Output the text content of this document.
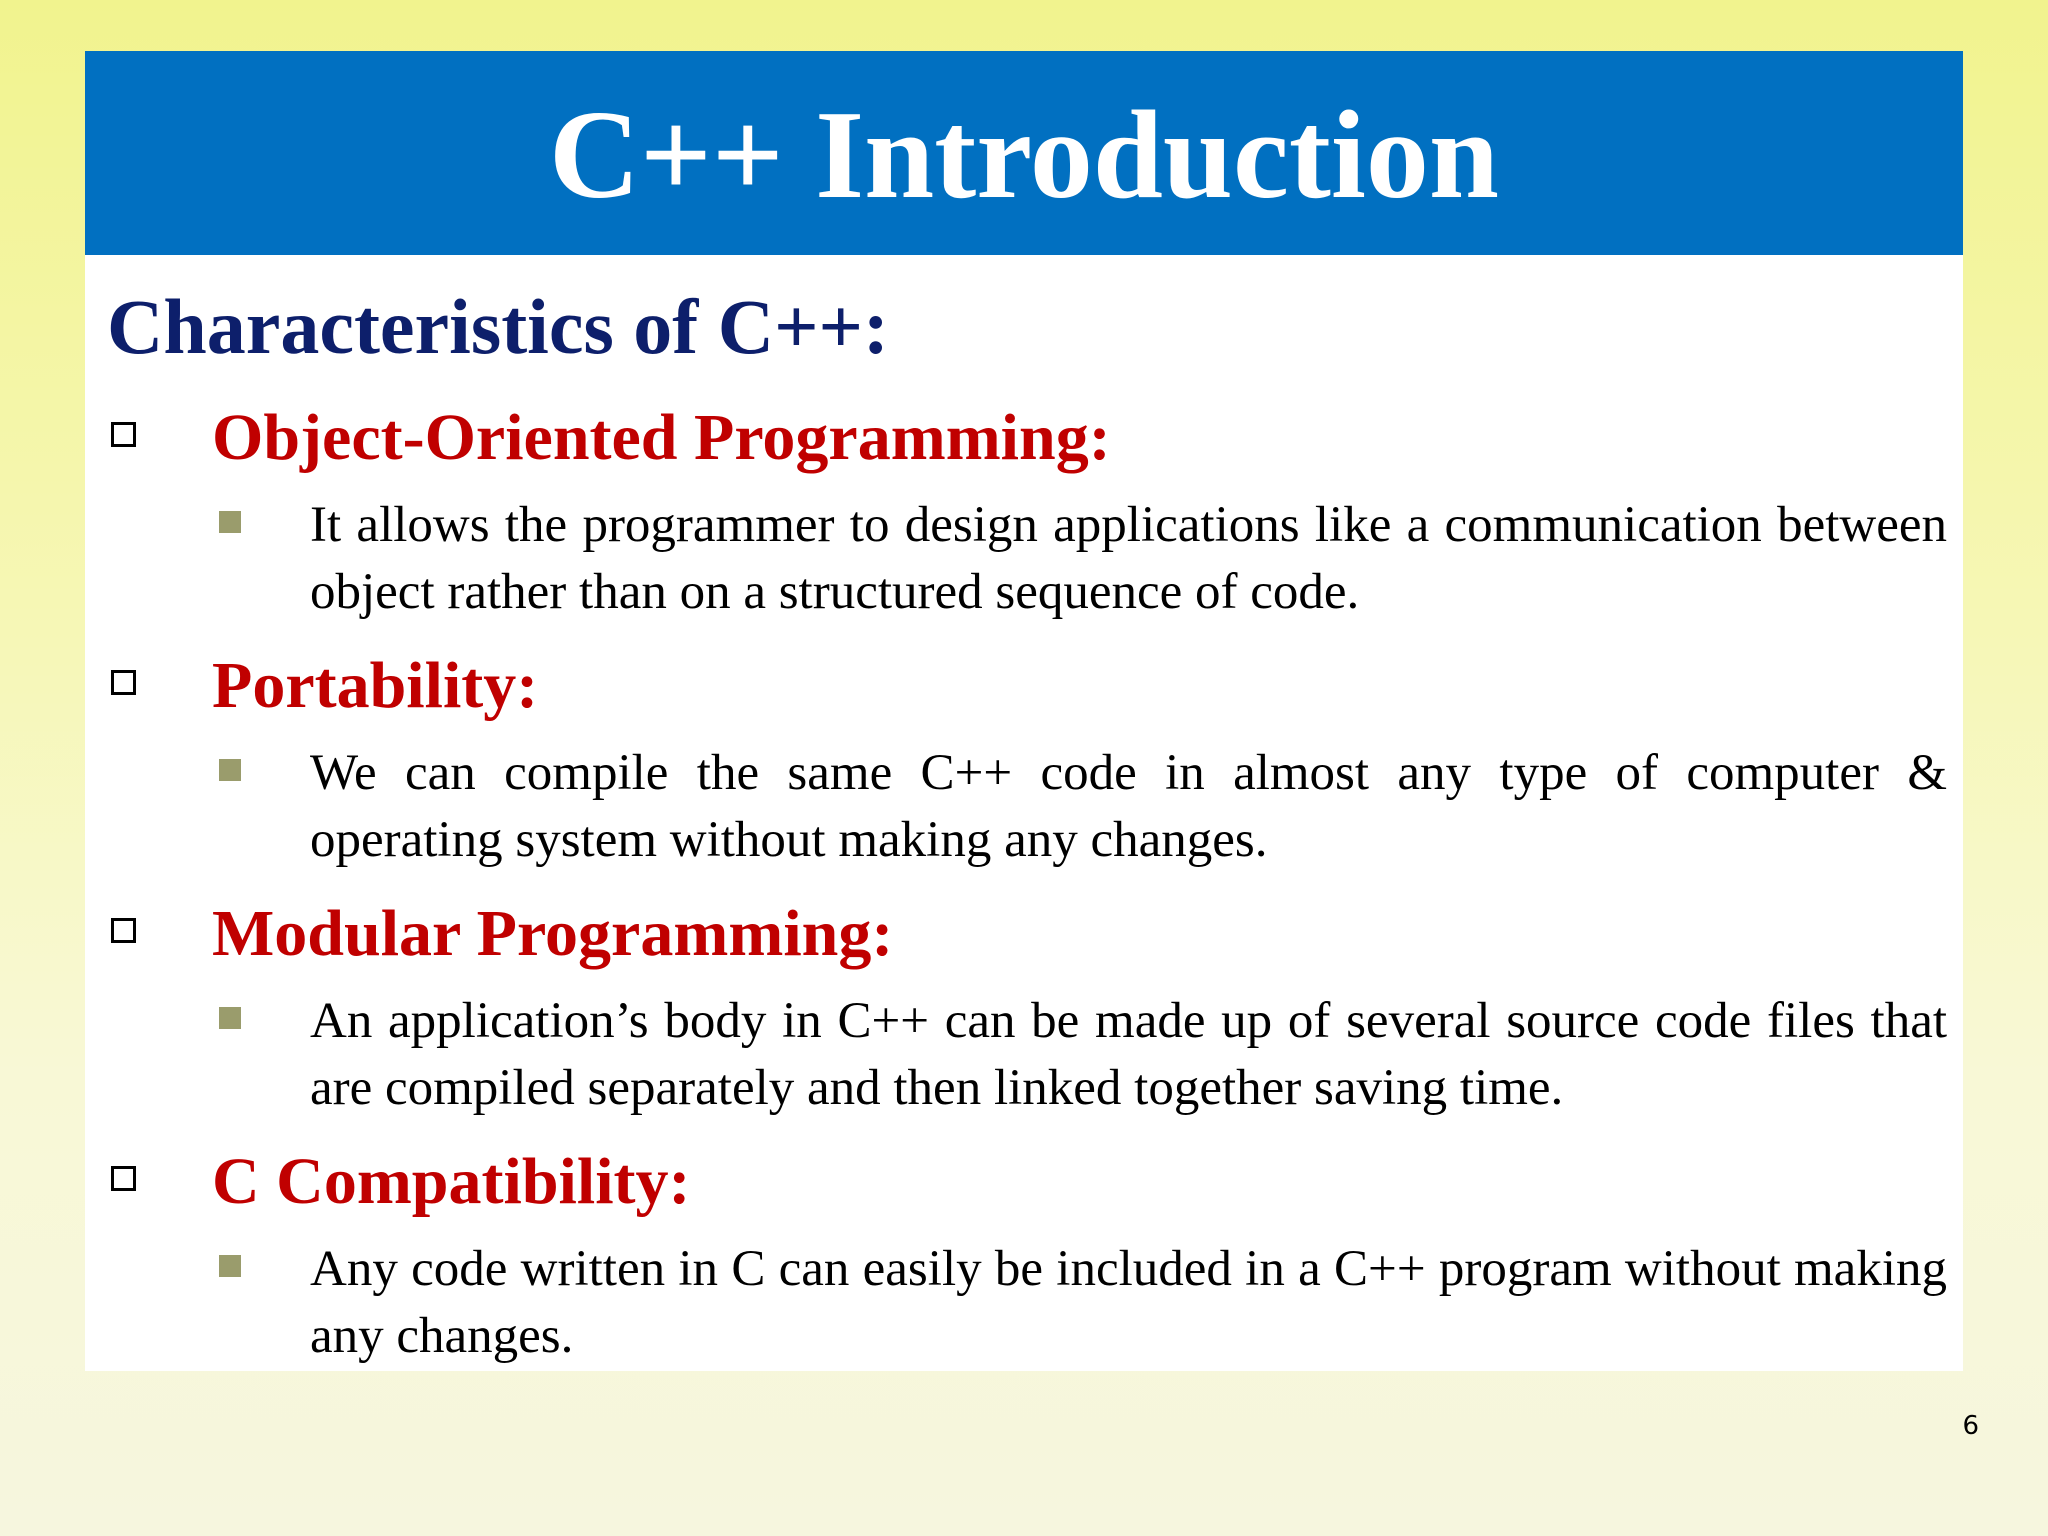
C++ Introduction
Characteristics of C++:
Object-Oriented Programming:
It allows the programmer to design applications like a communication between object rather than on a structured sequence of code.
Portability:
We can compile the same C++ code in almost any type of computer & operating system without making any changes.
Modular Programming:
An application’s body in C++ can be made up of several source code files that are compiled separately and then linked together saving time.
C Compatibility:
Any code written in C can easily be included in a C++ program without making any changes.
6
